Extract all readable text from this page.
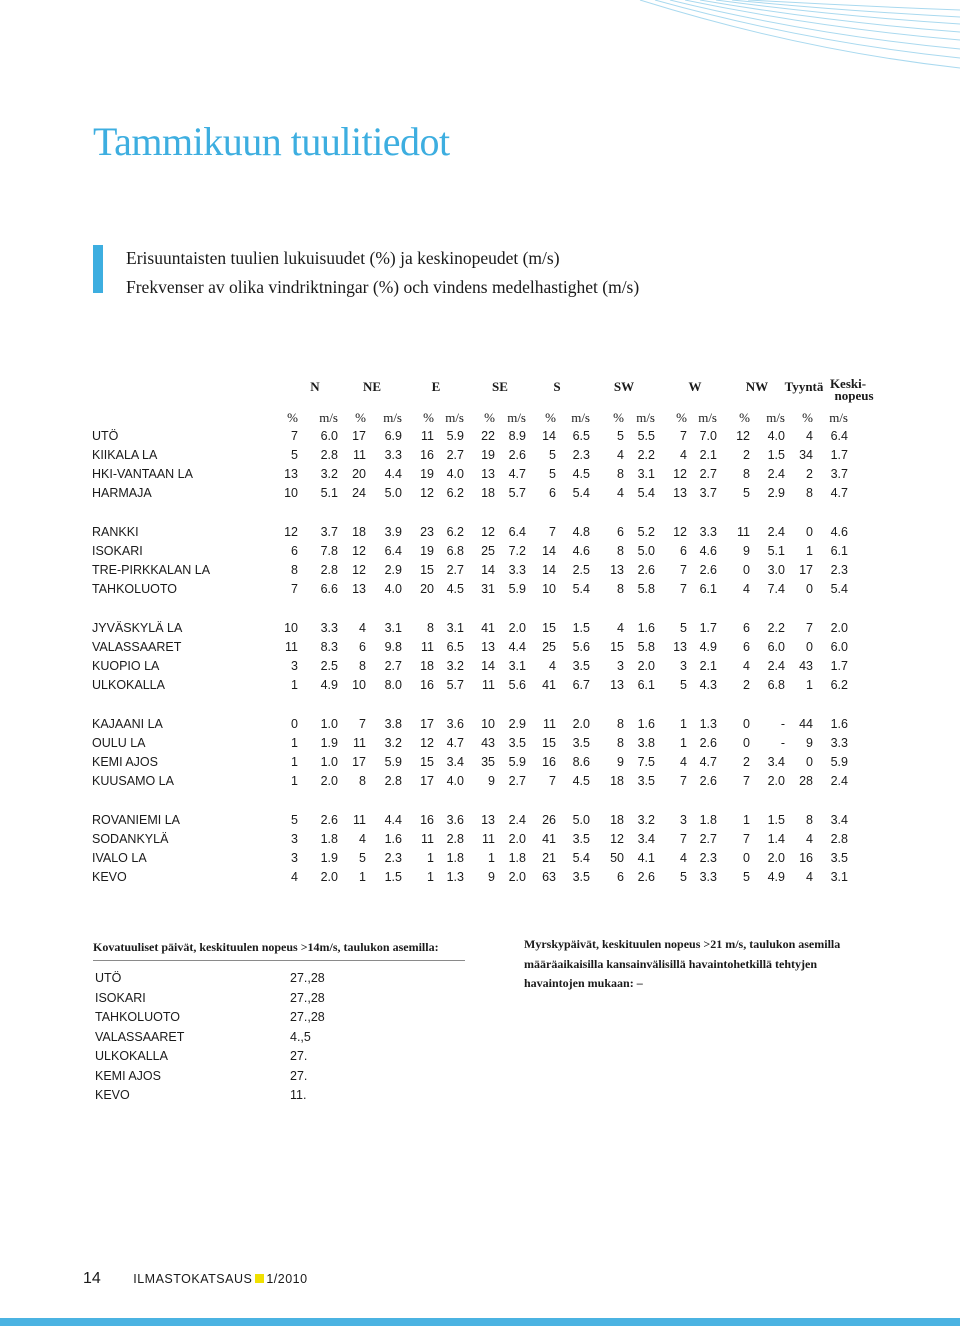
Tammikuun tuulitiedot
Erisuuntaisten tuulien lukuisuudet (%) ja keskinopeudet (m/s)
Frekvenser av olika vindriktningar (%) och vindens medelhastighet (m/s)
N	NE	E	SE	S	SW	W	NW	Tyyntä Keski-
nopeus
%	m/s	%	m/s	% m/s	% m/s	%	m/s	% m/s	% m/s	%	m/s	%	m/s
UTÖ	7	6.0	17	6.9	11	5.9	22	8.9	14	6.5	5	5.5	7	7.0	12	4.0	4	6.4
KIIKALA LA	5	2.8	11	3.3	16	2.7	19	2.6	5	2.3	4	2.2	4	2.1	2	1.5	34	1.7
HKI-VANTAAN LA	13	3.2	20	4.4	19	4.0	13	4.7	5	4.5	8	3.1	12	2.7	8	2.4	2	3.7
HARMAJA	10	5.1	24	5.0	12	6.2	18	5.7	6	5.4	4	5.4	13	3.7	5	2.9	8	4.7
RANKKI	12	3.7	18	3.9	23	6.2	12	6.4	7	4.8	6	5.2	12	3.3	11	2.4	0	4.6
ISOKARI	6	7.8	12	6.4	19	6.8	25	7.2	14	4.6	8	5.0	6	4.6	9	5.1	1	6.1
TRE-PIRKKALAN LA	8	2.8	12	2.9	15	2.7	14	3.3	14	2.5	13	2.6	7	2.6	0	3.0	17	2.3
TAHKOLUOTO	7	6.6	13	4.0	20	4.5	31	5.9	10	5.4	8	5.8	7	6.1	4	7.4	0	5.4
JYVÄSKYLÄ LA	10	3.3	4	3.1	8	3.1	41	2.0	15	1.5	4	1.6	5	1.7	6	2.2	7	2.0
VALASSAARET	11	8.3	6	9.8	11	6.5	13	4.4	25	5.6	15	5.8	13	4.9	6	6.0	0	6.0
KUOPIO LA	3	2.5	8	2.7	18	3.2	14	3.1	4	3.5	3	2.0	3	2.1	4	2.4	43	1.7
ULKOKALLA	1	4.9	10	8.0	16	5.7	11	5.6	41	6.7	13	6.1	5	4.3	2	6.8	1	6.2
KAJAANI LA	0	1.0	7	3.8	17	3.6	10	2.9	11	2.0	8	1.6	1	1.3	0	-	44	1.6
OULU LA	1	1.9	11	3.2	12	4.7	43	3.5	15	3.5	8	3.8	1	2.6	0	-	9	3.3
KEMI AJOS	1	1.0	17	5.9	15	3.4	35	5.9	16	8.6	9	7.5	4	4.7	2	3.4	0	5.9
KUUSAMO LA	1	2.0	8	2.8	17	4.0	9	2.7	7	4.5	18	3.5	7	2.6	7	2.0	28	2.4
ROVANIEMI LA	5	2.6	11	4.4	16	3.6	13	2.4	26	5.0	18	3.2	3	1.8	1	1.5	8	3.4
SODANKYLÄ	3	1.8	4	1.6	11	2.8	11	2.0	41	3.5	12	3.4	7	2.7	7	1.4	4	2.8
IVALO LA	3	1.9	5	2.3	1	1.8	1	1.8	21	5.4	50	4.1	4	2.3	0	2.0	16	3.5
KEVO	4	2.0	1	1.5	1	1.3	9	2.0	63	3.5	6	2.6	5	3.3	5	4.9	4	3.1
Kovatuuliset päivät, keskituulen nopeus >14m/s, taulukon asemilla:
UTÖ	27.,28
ISOKARI	27.,28
TAHKOLUOTO	27.,28
VALASSAARET	4.,5
ULKOKALLA	27.
KEMI AJOS	27.
KEVO	11.
Myrskypäivät, keskituulen nopeus >21 m/s, taulukon asemilla määräaikaisilla kansainvälisillä havaintohetkillä tehtyjen havaintojen mukaan: –
14	ILMASTOKATSAUS 1/2010
